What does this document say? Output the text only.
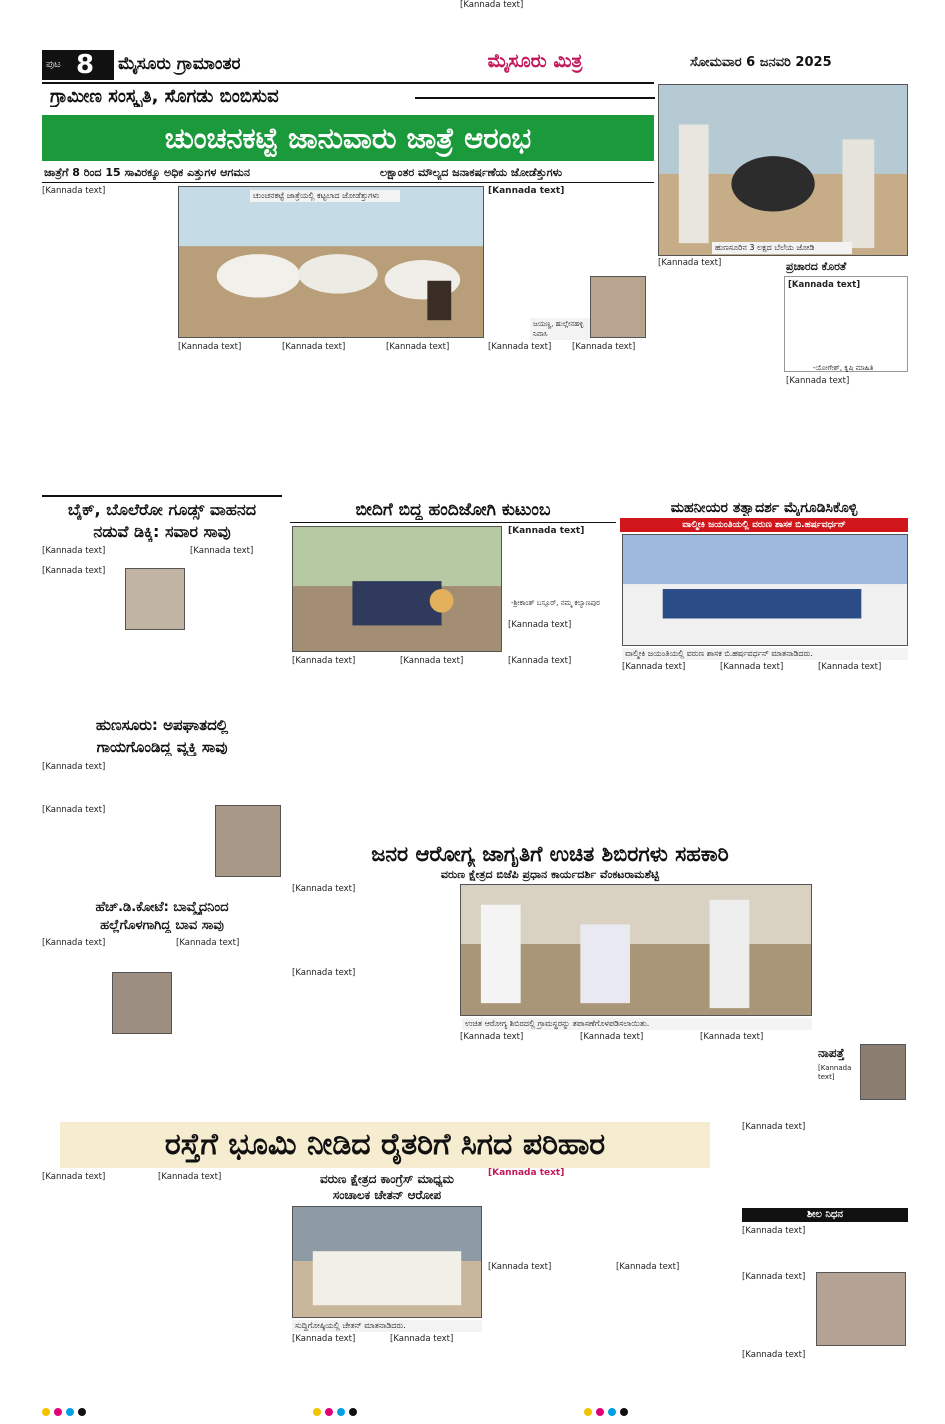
ಪುಟ 8 ಮೈಸೂರು ಗ್ರಾಮಾಂತರ	ಮೈಸೂರು ಮಿತ್ರ	ಸೋಮವಾರ 6 ಜನವರಿ 2025
ಗ್ರಾಮೀಣ ಸಂಸ್ಕೃತಿ, ಸೊಗಡು ಬಿಂಬಿಸುವ
ಚುಂಚನಕಟ್ಟೆ ಜಾನುವಾರು ಜಾತ್ರೆ ಆರಂಭ
ಜಾತ್ರೆಗೆ 8 ರಿಂದ 15 ಸಾವಿರಕ್ಕೂ ಅಧಿಕ ಎತ್ತುಗಳ ಆಗಮನ	ಲಕ್ಷಾಂತರ ಮೌಲ್ಯದ ಜನಾಕರ್ಷಣೆಯ ಜೋಡೆತ್ತುಗಳು
[Kannada text]	ಚುಂಚನಕಟ್ಟೆ ಜಾತ್ರೆಯಲ್ಲಿ ಕಟ್ಟಲಾದ ಜೋಡೆತ್ತುಗಳು
[Kannada text]	[Kannada text]	[Kannada text]
[Kannada text]
ಜಯಣ್ಣ, ಹುಲ್ಲೇನಹಳ್ಳಿ ನಿವಾಸಿ
[Kannada text]	[Kannada text]
ಹುಣಸೂರಿನ 3 ಲಕ್ಷದ ಬೆಲೆಯ ಜೋಡಿ
[Kannada text]	ಪ್ರಚಾರದ ಕೊರತೆ
[Kannada text]
-ಯೋಗೇಶ್, ಕೃಷಿ ಮಾಹಿತಿ
[Kannada text]
ಬೈಕ್, ಬೊಲೆರೋ ಗೂಡ್ಸ್ ವಾಹನದ
ನಡುವೆ ಡಿಕ್ಕಿ: ಸವಾರ ಸಾವು
[Kannada text]
[Kannada text]
[Kannada text]
ಹುಣಸೂರು: ಅಪಘಾತದಲ್ಲಿ
ಗಾಯಗೊಂಡಿದ್ದ ವ್ಯಕ್ತಿ ಸಾವು
[Kannada text]
[Kannada text]
ಹೆಚ್.ಡಿ.ಕೋಟೆ: ಬಾವ್ಮೈದನಿಂದ
ಹಲ್ಲೆಗೊಳಗಾಗಿದ್ದ ಬಾವ ಸಾವು
[Kannada text]	[Kannada text]
ಬೀದಿಗೆ ಬಿದ್ದ ಹಂದಿಜೋಗಿ ಕುಟುಂಬ
[Kannada text]
-ಶ್ರೀಕಾಂತ್ ಬಸ್ಸೂರ್, ನಮ್ಮ ಕಲ್ಯಾಣಪುರ
[Kannada text]
[Kannada text]	[Kannada text]	[Kannada text]
ಮಹನೀಯರ ತತ್ವಾದರ್ಶ ಮೈಗೂಡಿಸಿಕೊಳ್ಳಿ
ವಾಲ್ಮೀಕಿ ಜಯಂತಿಯಲ್ಲಿ ವರುಣ ಶಾಸಕ ಬಿ.ಹರ್ಷವರ್ಧನ್
ವಾಲ್ಮೀಕಿ ಜಯಂತಿಯಲ್ಲಿ ವರುಣ ಶಾಸಕ ಬಿ.ಹರ್ಷವರ್ಧನ್ ಮಾತನಾಡಿದರು.
[Kannada text]	[Kannada text]	[Kannada text]
ಜನರ ಆರೋಗ್ಯ ಜಾಗೃತಿಗೆ ಉಚಿತ ಶಿಬಿರಗಳು ಸಹಕಾರಿ
ವರುಣ ಕ್ಷೇತ್ರದ ಬಿಜೆಪಿ ಪ್ರಧಾನ ಕಾರ್ಯದರ್ಶಿ ವೆಂಕಟರಾಮಶೆಟ್ಟಿ
[Kannada text]
ಉಚಿತ ಆರೋಗ್ಯ ಶಿಬಿರದಲ್ಲಿ ಗ್ರಾಮಸ್ಥರನ್ನು ತಪಾಸಣೆಗೊಳಪಡಿಸಲಾಯಿತು.
[Kannada text]
[Kannada text]
[Kannada text]	[Kannada text]	[Kannada text]
ನಾಪತ್ತೆ
[Kannada text]
ರಸ್ತೆಗೆ ಭೂಮಿ ನೀಡಿದ ರೈತರಿಗೆ ಸಿಗದ ಪರಿಹಾರ
[Kannada text]	[Kannada text]	ವರುಣ ಕ್ಷೇತ್ರದ ಕಾಂಗ್ರೆಸ್ ಮಾಧ್ಯಮ
ಸಂಚಾಲಕ ಚೇತನ್ ಆರೋಪ
ಸುದ್ದಿಗೋಷ್ಠಿಯಲ್ಲಿ ಚೇತನ್ ಮಾತನಾಡಿದರು.
[Kannada text]	[Kannada text]
[Kannada text]
[Kannada text]	[Kannada text]
[Kannada text]
ಶೀಲ ನಿಧನ
[Kannada text]
[Kannada text]
[Kannada text]
